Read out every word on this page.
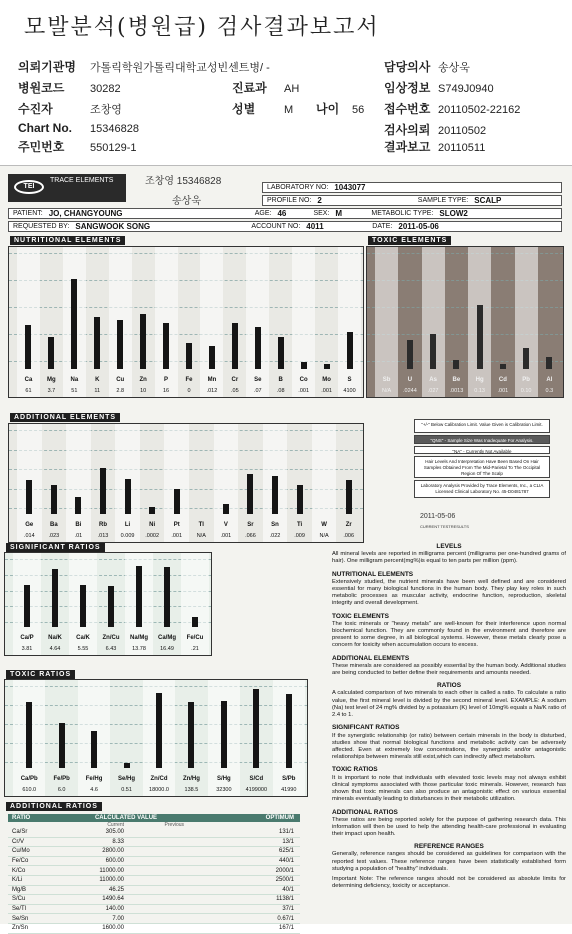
모발분석(병원급) 검사결과보고서
의뢰기관명 가톨릭학원가톨릭대학교성빈센트병/ -	담당의사 송상욱
병원코드 30282	진료과 AH	임상정보 S749J0940
수진자	조창영	성별	M 나이 56 접수번호 20110502-22162
Chart No. 15346828	검사의뢰 20110502
주민번호 550129-1	결과보고 20110511
TEI
TRACE ELEMENTS	조창영 15346828
송상욱
LABORATORY NO: 1043077
PROFILE NO: 2	SAMPLE TYPE: SCALP
PATIENT: JO, CHANGYOUNG	AGE: 46	SEX: M	METABOLIC TYPE: SLOW2
REQUESTED BY: SANGWOOK SONG	ACCOUNT NO: 4011	DATE: 2011-05-06
NUTRITIONAL ELEMENTS	TOXIC ELEMENTS
Ca
61
Mg
3.7
Na
51
K
11
Cu
2.8
Zn
10
P
16
Fe
0
Mn
.012
Cr
.05
Se
.07
B
.08
Co
.001
Mo
.001
S
4100
Sb
N/A
U
.0244
As
.027
Be
.0013
Hg
0.13
Cd
.001
Pb
0.10
Al
0.3
ADDITIONAL ELEMENTS
Ge
.014
Ba
.023
Bi
.01
Rb
.013
Li
0.009
Ni
.0002
Pt
.001
Tl
N/A
V
.001
Sr
.066
Sn
.022
Ti
.009
W
N/A
Zr
.006
"+/-" Below Calibration Limit. Value Given is Calibration Limit.
"QNS" - Sample Size Was Inadequate For Analysis.
"NA" - Currently Not Available
Hair Levels And Interpretation Have Been Based On Hair Samples Obtained From The Mid-Parietal To The Occipital Region Of The Scalp
Laboratory Analysis Provided by Trace Elements, Inc., a CLIA Licensed Clinical Laboratory No. 45-D0481787
2011-05-06
CURRENT TESTRESULTS
SIGNIFICANT RATIOS
Ca/P
3.81
Na/K
4.64
Ca/K
5.55
Zn/Cu
6.43
Na/Mg
13.78
Ca/Mg
16.49
Fe/Cu
.21
TOXIC RATIOS
Ca/Pb
610.0
Fe/Pb
6.0
Fe/Hg
4.6
Se/Hg
0.51
Zn/Cd
18000.0
Zn/Hg
138.5
S/Hg
32300
S/Cd
4199000
S/Pb
41990
ADDITIONAL RATIOS
RATIO	CALCULATED VALUE	OPTIMUM
Current	Previous
Ca/Sr	305.00	131/1
Cr/V	8.33	13/1
Cu/Mo	2800.00	625/1
Fe/Co	600.00	440/1
K/Co	11000.00	2000/1
K/Li	11000.00	2500/1
Mg/B	46.25	40/1
S/Cu	1490.64	1138/1
Se/Tl	140.00	37/1
Se/Sn	7.00	0.67/1
Zn/Sn	1600.00	167/1
LEVELS

All mineral levels are reported in milligrams percent (milligrams per one-hundred grams of hair). One milligram percent(mg%)is equal to ten parts per million (ppm).

NUTRITIONAL ELEMENTS

Extensively studied, the nutrient minerals have been well defined and are considered essential for many biological functions in the human body. They play key roles in such metabolic processes as muscular activity, endocrine function, reproduction, skeletal integrity and overall development.

TOXIC ELEMENTS

The toxic minerals or "heavy metals" are well-known for their interference upon normal biochemical function. They are commonly found in the environment and therefore are present to some degree, in all biological systems. However, these metals clearly pose a concern for toxicity when accumulation occurs to excess.

ADDITIONAL ELEMENTS

These minerals are considered as possibly essential by the human body. Additional studies are being conducted to better define their requirements and amounts needed.

RATIOS

A calculated comparison of two minerals to each other is called a ratio. To calculate a ratio value, the first mineral level is divided by the second mineral level. EXAMPLE: A sodium (Na) test level of 24 mg% divided by a potassium (K) level of 10mg% equals a Na/K ratio of 2.4 to 1.

SIGNIFICANT RATIOS

If the synergistic relationship (or ratio) between certain minerals in the body is disturbed, studies show that normal biological functions and metabolic activity can be adversely affected. Even at extremely low concentrations, the synergistic and/or antagonistic relationships between minerals still exist,which can indirectly affect metabolism.

TOXIC RATIOS

It is important to note that individuals with elevated toxic levels may not always exhibit clinical symptoms associated with those particular toxic minerals. However, research has shown that toxic minerals can also produce an antagonistic effect on various essential minerals eventually leading to disturbances in their metabolic utilization.

ADDITIONAL RATIOS

These ratios are being reported solely for the purpose of gathering research data. This information will then be used to help the attending health-care professional in evaluating their impact upon health.

REFERENCE RANGES

Generally, reference ranges should be considered as guidelines for comparison with the reported test values. These reference ranges have been statistically established form studying a population of "healthy" individuals.

Important Note: The reference ranges should not be considered as absolute limits for determining deficiency, toxicity or acceptance.
